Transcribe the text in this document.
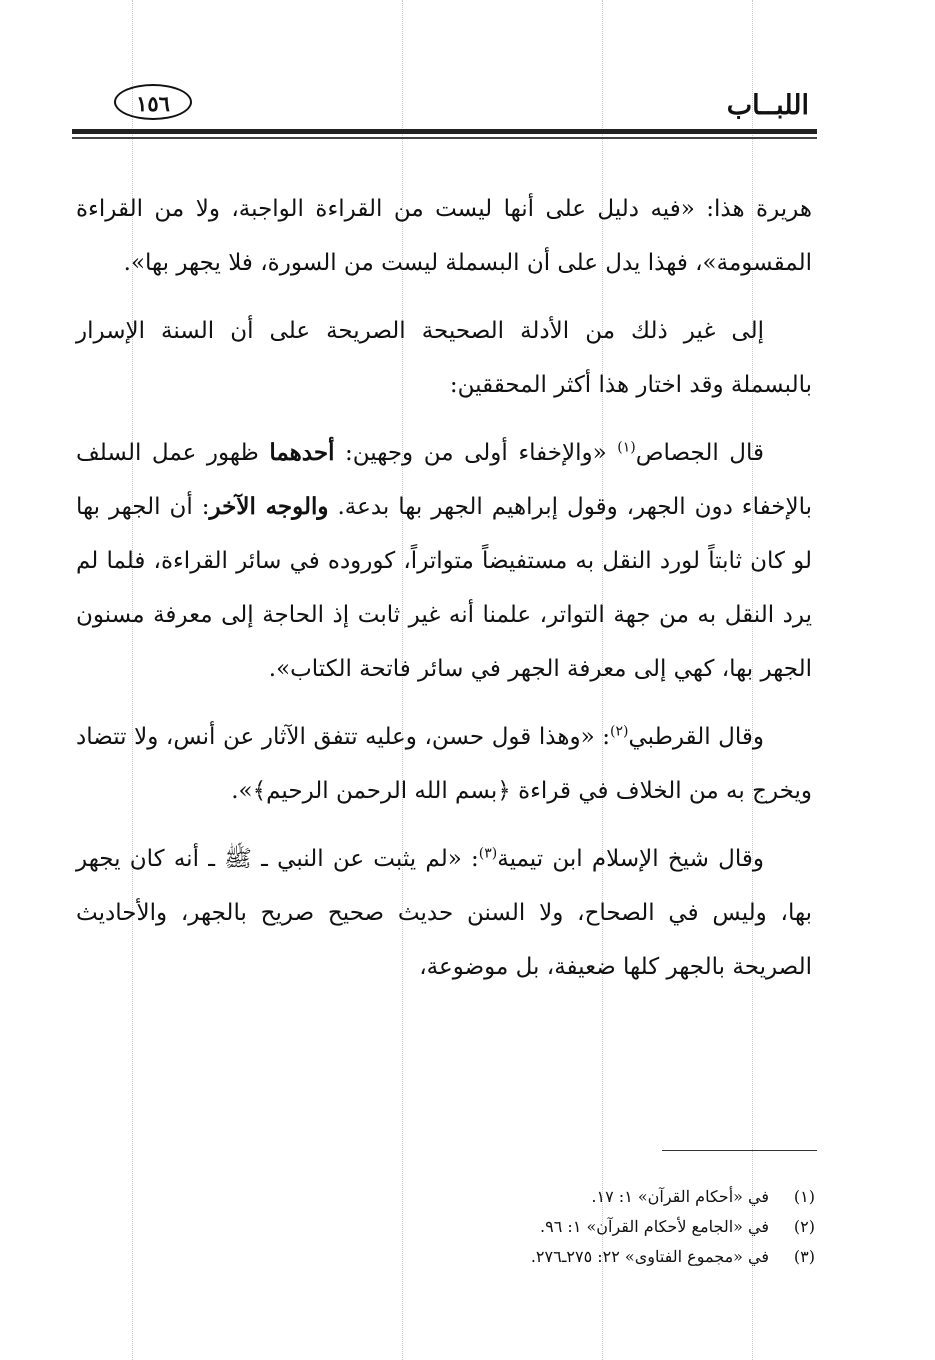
اللبــاب
١٥٦

هريرة هذا: «فيه دليل على أنها ليست من القراءة الواجبة، ولا من القراءة المقسومة»، فهذا يدل على أن البسملة ليست من السورة، فلا يجهر بها».

إلى غير ذلك من الأدلة الصحيحة الصريحة على أن السنة الإسرار بالبسملة وقد اختار هذا أكثر المحققين:

قال الجصاص$^{(١)}$ «والإخفاء أولى من وجهين: أحدهما ظهور عمل السلف بالإخفاء دون الجهر، وقول إبراهيم الجهر بها بدعة. والوجه الآخر: أن الجهر بها لو كان ثابتاً لورد النقل به مستفيضاً متواتراً، كوروده في سائر القراءة، فلما لم يرد النقل به من جهة التواتر، علمنا أنه غير ثابت إذ الحاجة إلى معرفة مسنون الجهر بها، كهي إلى معرفة الجهر في سائر فاتحة الكتاب».

وقال القرطبي$^{(٢)}$: «وهذا قول حسن، وعليه تتفق الآثار عن أنس، ولا تتضاد ويخرج به من الخلاف في قراءة ﴿بسم الله الرحمن الرحيم﴾».

وقال شيخ الإسلام ابن تيمية$^{(٣)}$: «لم يثبت عن النبي ـ ﷺ ـ أنه كان يجهر بها، وليس في الصحاح، ولا السنن حديث صحيح صريح بالجهر، والأحاديث الصريحة بالجهر كلها ضعيفة، بل موضوعة،

(١)في «أحكام القرآن» ١: ١٧.
(٢)في «الجامع لأحكام القرآن» ١: ٩٦.
(٣)في «مجموع الفتاوى» ٢٢: ٢٧٥ـ٢٧٦.
